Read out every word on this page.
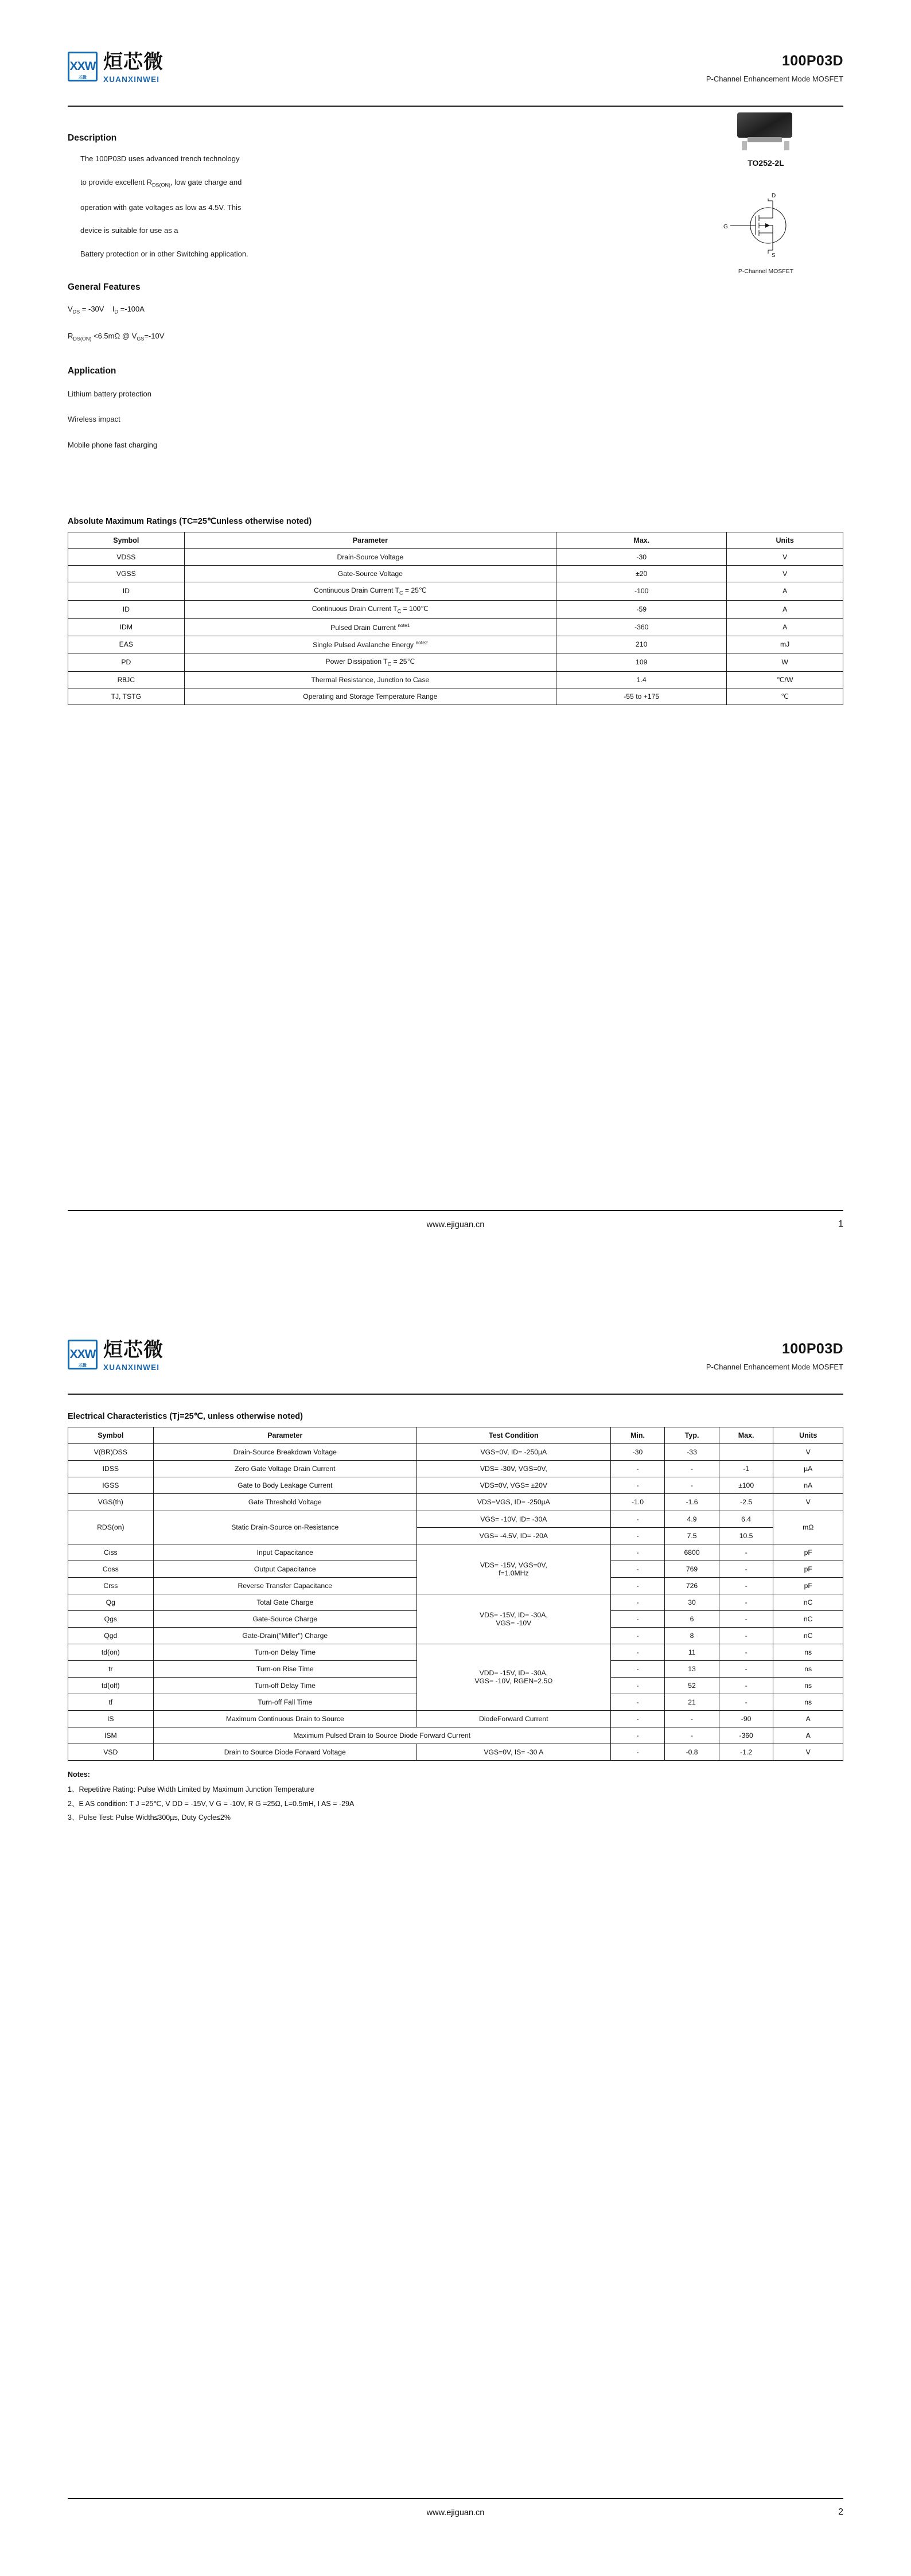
XXW
芯微
烜芯微
XUANXINWEI
100P03D
P-Channel Enhancement Mode MOSFET
Description
The 100P03D uses advanced trench technology
to provide excellent $R_{DS(ON)}$, low gate charge and
operation with gate voltages as low as 4.5V. This
device is suitable for use as a
Battery protection or in other Switching application.
General Features
$V_{DS} = -30V$    $I_D =-100A$
$R_{DS(ON)} <6.5m\Omega$ @ $V_{GS}=-10V$
Application
Lithium battery protection
Wireless impact
Mobile phone fast charging
TO252-2L
D
G
S
P-Channel MOSFET
Absolute Maximum Ratings (TC=25℃unless otherwise noted)
Symbol	Parameter	Max.	Units
VDSS	Drain-Source Voltage	-30	V
VGSS	Gate-Source Voltage	±20	V
ID	Continuous Drain Current $T_C$ = 25℃	-100	A
ID	Continuous Drain Current $T_C$ = 100℃	-59	A
IDM	Pulsed Drain Current $^{note1}$	-360	A
EAS	Single Pulsed Avalanche Energy $^{note2}$	210	mJ
PD	Power Dissipation $T_C$ = 25℃	109	W
RθJC	Thermal Resistance, Junction to Case	1.4	℃/W
TJ, TSTG	Operating and Storage Temperature Range	-55 to +175	℃
www.ejiguan.cn	1
XXW
芯微
烜芯微
XUANXINWEI
100P03D
P-Channel Enhancement Mode MOSFET
Electrical Characteristics (Tj=25℃, unless otherwise noted)
Symbol	Parameter	Test Condition	Min.	Typ.	Max.	Units
V(BR)DSS	Drain-Source Breakdown Voltage	VGS=0V, ID= -250µA	-30	-33		V
IDSS	Zero Gate Voltage Drain Current	VDS= -30V, VGS=0V,	-	-	-1	µA
IGSS	Gate to Body Leakage Current	VDS=0V, VGS= ±20V	-	-	±100	nA
VGS(th)	Gate Threshold Voltage	VDS=VGS, ID= -250µA	-1.0	-1.6	-2.5	V
RDS(on)	Static Drain-Source on-Resistance	VGS= -10V, ID= -30A	-	4.9	6.4	mΩ
		VGS= -4.5V, ID= -20A	-	7.5	10.5	
Ciss	Input Capacitance	VDS= -15V, VGS=0V,
f=1.0MHz	-	6800	-	pF
Coss	Output Capacitance		-	769	-	pF
Crss	Reverse Transfer Capacitance		-	726	-	pF
Qg	Total Gate Charge	VDS= -15V, ID= -30A,
VGS= -10V	-	30	-	nC
Qgs	Gate-Source Charge		-	6	-	nC
Qgd	Gate-Drain("Miller") Charge		-	8	-	nC
td(on)	Turn-on Delay Time	VDD= -15V, ID= -30A,
VGS= -10V, RGEN=2.5Ω	-	11	-	ns
tr	Turn-on Rise Time		-	13	-	ns
td(off)	Turn-off Delay Time		-	52	-	ns
tf	Turn-off Fall Time		-	21	-	ns
IS	Maximum Continuous Drain to Source	DiodeForward Current	-	-	-90	A
ISM	Maximum Pulsed Drain to Source Diode Forward Current		-	-	-360	A
VSD	Drain to Source Diode Forward Voltage	VGS=0V, IS= -30 A	-	-0.8	-1.2	V
Notes:
1、Repetitive Rating: Pulse Width Limited by Maximum Junction Temperature
2、E AS condition: T J =25℃, V DD = -15V, V G = -10V, R G =25Ω, L=0.5mH, I AS = -29A
3、Pulse Test: Pulse Width≤300µs, Duty Cycle≤2%
www.ejiguan.cn	2
